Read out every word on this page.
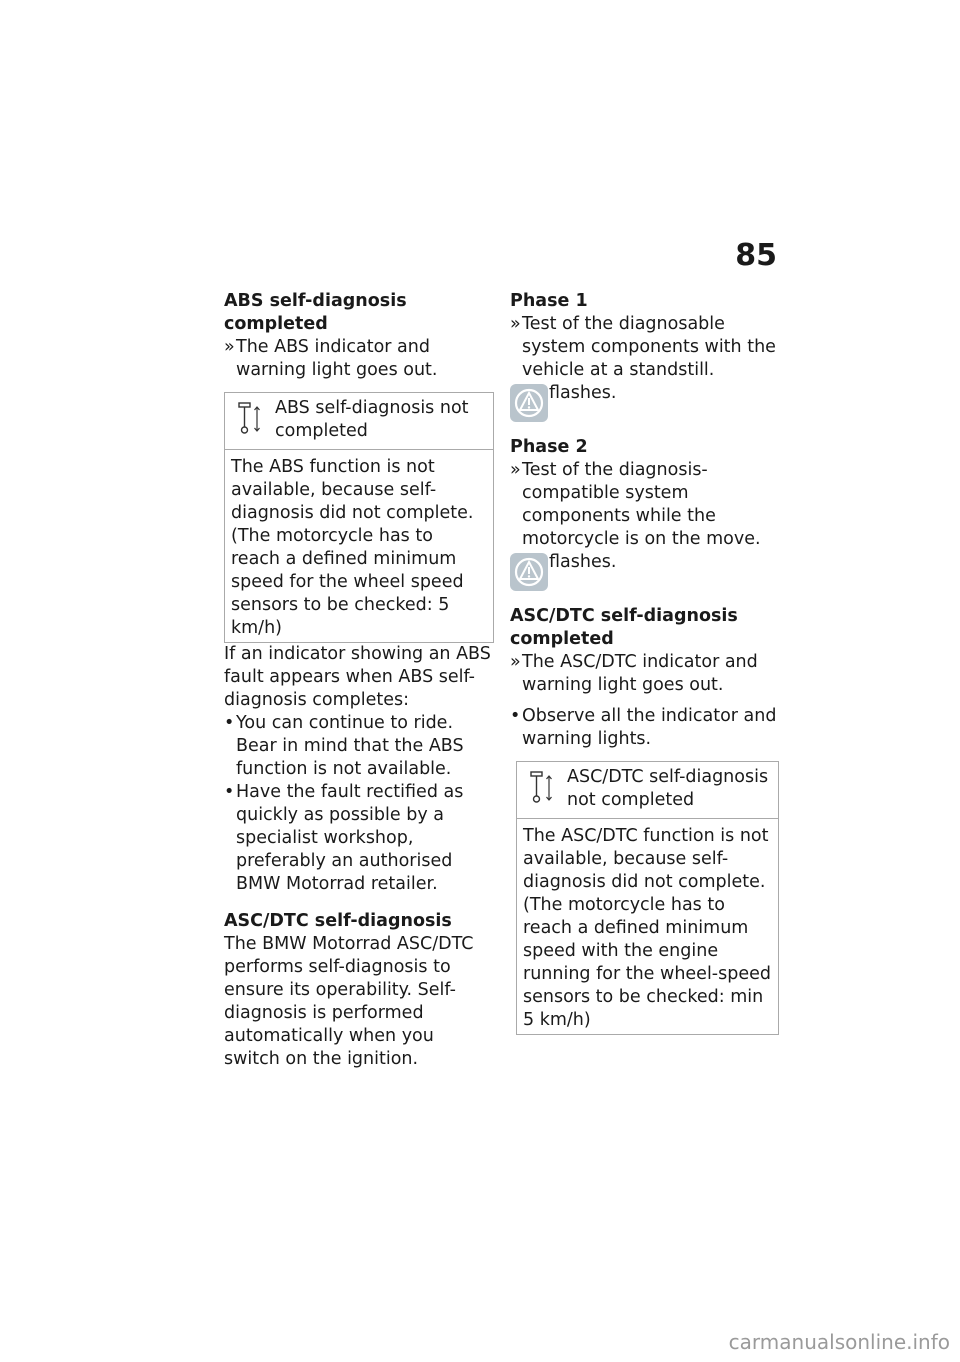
85

ABS self-diagnosis completed

» The ABS indicator and warning light goes out.
ABS self-diagnosis not completed
The ABS function is not available, because self-diagnosis did not complete. (The motorcycle has to reach a defined minimum speed for the wheel speed sensors to be checked: 5 km/h)

If an indicator showing an ABS fault appears when ABS self-diagnosis completes:

• You can continue to ride. Bear in mind that the ABS function is not available.
• Have the fault rectified as quickly as possible by a specialist workshop, preferably an authorised BMW Motorrad retailer.

ASC/DTC self-diagnosis

The BMW Motorrad ASC/DTC performs self-diagnosis to ensure its operability. Self-diagnosis is performed automatically when you switch on the ignition.

Phase 1

» Test of the diagnosable system components with the vehicle at a standstill.
flashes.

Phase 2

» Test of the diagnosis-compatible system components while the motorcycle is on the move.
flashes.

ASC/DTC self-diagnosis completed

» The ASC/DTC indicator and warning light goes out.
• Observe all the indicator and warning lights.
ASC/DTC self-diagnosis not completed
The ASC/DTC function is not available, because self-diagnosis did not complete. (The motorcycle has to reach a defined minimum speed with the engine running for the wheel-speed sensors to be checked: min 5 km/h)
carmanualsonline.info
